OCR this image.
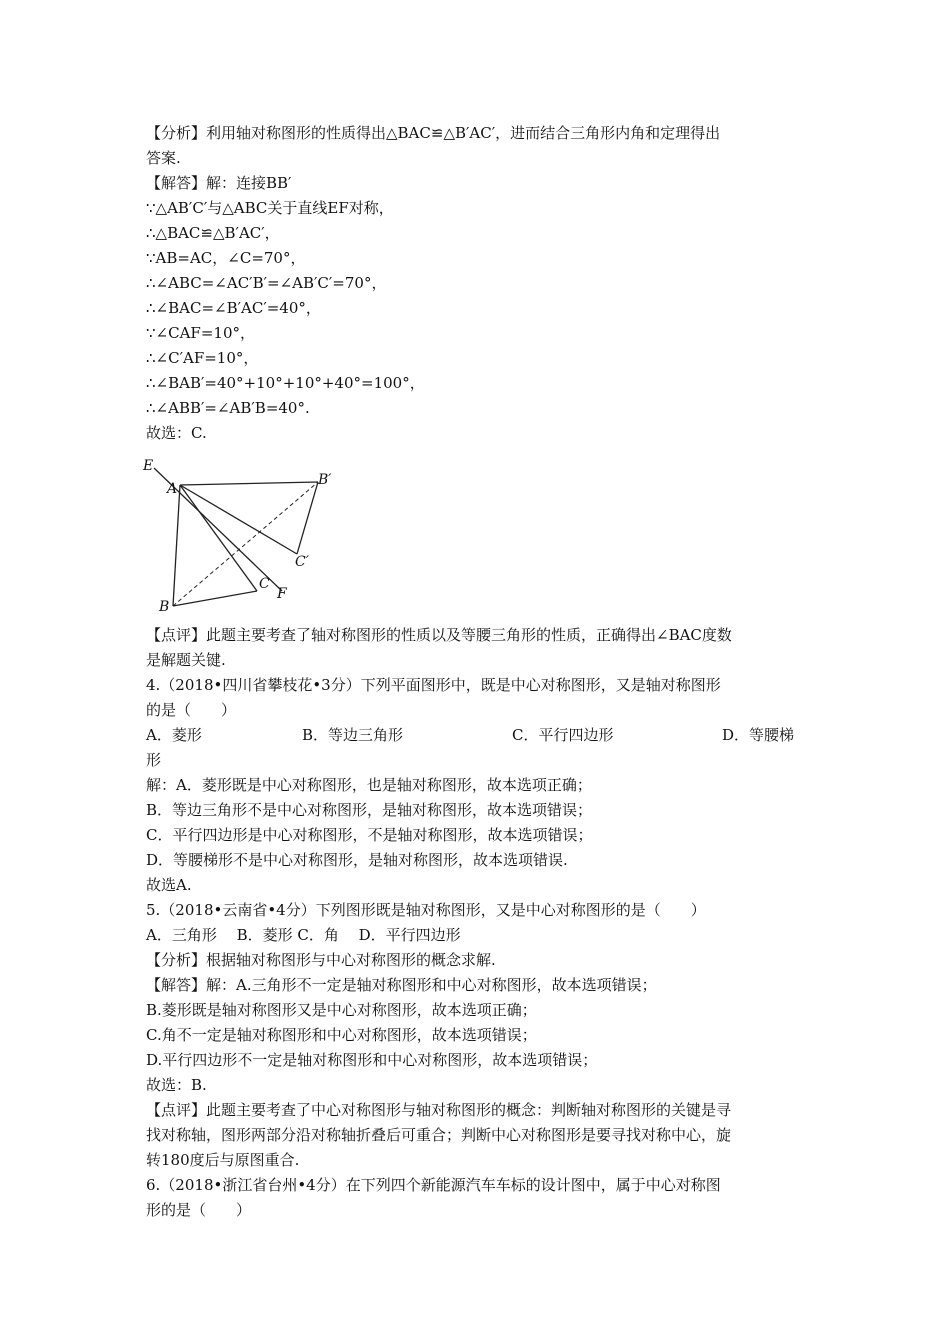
【分析】利用轴对称图形的性质得出△BAC≌△B′AC′，进而结合三角形内角和定理得出
答案.
【解答】解：连接BB′
∵△AB′C′与△ABC关于直线EF对称，
∴△BAC≌△B′AC′，
∵AB=AC，∠C=70°，
∴∠ABC=∠AC′B′=∠AB′C′=70°，
∴∠BAC=∠B′AC′=40°，
∵∠CAF=10°，
∴∠C′AF=10°，
∴∠BAB′=40°+10°+10°+40°=100°，
∴∠ABB′=∠AB′B=40°.
故选：C.
E
A
B′
C′
C
F
B
【点评】此题主要考查了轴对称图形的性质以及等腰三角形的性质，正确得出∠BAC度数
是解题关键.
4.（2018•四川省攀枝花•3分）下列平面图形中，既是中心对称图形，又是轴对称图形
的是（　　）
A．菱形	B．等边三角形	C．平行四边形	D．等腰梯
形
解：A．菱形既是中心对称图形，也是轴对称图形，故本选项正确；
B．等边三角形不是中心对称图形，是轴对称图形，故本选项错误；
C．平行四边形是中心对称图形，不是轴对称图形，故本选项错误；
D．等腰梯形不是中心对称图形，是轴对称图形，故本选项错误.
故选A.
5.（2018•云南省•4分）下列图形既是轴对称图形，又是中心对称图形的是（　　）
A．三角形　 B．菱形 C．角　 D．平行四边形
【分析】根据轴对称图形与中心对称图形的概念求解.
【解答】解：A.三角形不一定是轴对称图形和中心对称图形，故本选项错误；
B.菱形既是轴对称图形又是中心对称图形，故本选项正确；
C.角不一定是轴对称图形和中心对称图形，故本选项错误；
D.平行四边形不一定是轴对称图形和中心对称图形，故本选项错误；
故选：B.
【点评】此题主要考查了中心对称图形与轴对称图形的概念：判断轴对称图形的关键是寻
找对称轴，图形两部分沿对称轴折叠后可重合；判断中心对称图形是要寻找对称中心，旋
转180度后与原图重合.
6.（2018•浙江省台州•4分）在下列四个新能源汽车车标的设计图中，属于中心对称图
形的是（　　）
